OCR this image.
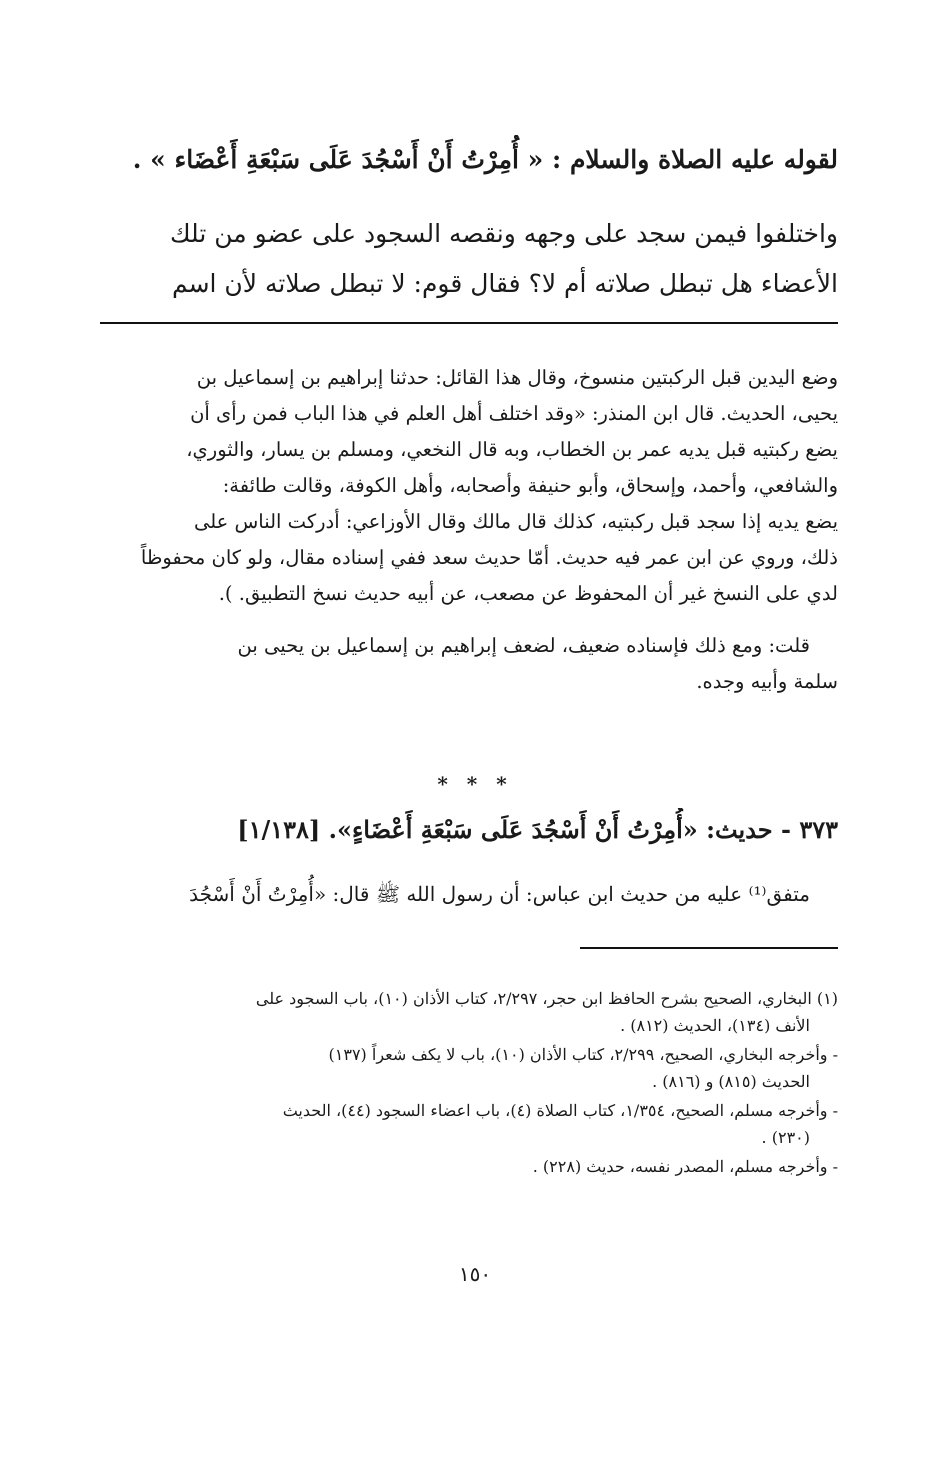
لقوله عليه الصلاة والسلام : « أُمِرْتُ أَنْ أَسْجُدَ عَلَى سَبْعَةِ أَعْضَاء » .
واختلفوا فيمن سجد على وجهه ونقصه السجود على عضو من تلك
الأعضاء هل تبطل صلاته أم لا؟ فقال قوم: لا تبطل صلاته لأن اسم
وضع اليدين قبل الركبتين منسوخ، وقال هذا القائل: حدثنا إبراهيم بن إسماعيل بن
يحيى، الحديث. قال ابن المنذر: «وقد اختلف أهل العلم في هذا الباب فمن رأى أن
يضع ركبتيه قبل يديه عمر بن الخطاب، وبه قال النخعي، ومسلم بن يسار، والثوري،
والشافعي، وأحمد، وإسحاق، وأبو حنيفة وأصحابه، وأهل الكوفة، وقالت طائفة:
يضع يديه إذا سجد قبل ركبتيه، كذلك قال مالك وقال الأوزاعي: أدركت الناس على
ذلك، وروي عن ابن عمر فيه حديث. أمّا حديث سعد ففي إسناده مقال، ولو كان محفوظاً
لدي على النسخ غير أن المحفوظ عن مصعب، عن أبيه حديث نسخ التطبيق. ).
قلت: ومع ذلك فإسناده ضعيف، لضعف إبراهيم بن إسماعيل بن يحيى بن
سلمة وأبيه وجده.
* * *
٣٧٣ - حديث: «أُمِرْتُ أَنْ أَسْجُدَ عَلَى سَبْعَةِ أَعْضَاءٍ». [١/١٣٨]
متفق⁽¹⁾ عليه من حديث ابن عباس: أن رسول الله ﷺ قال: «أُمِرْتُ أَنْ أَسْجُدَ
(١) البخاري، الصحيح بشرح الحافظ ابن حجر، ٢/٢٩٧، كتاب الأذان (١٠)، باب السجود على
الأنف (١٣٤)، الحديث (٨١٢) .
- وأخرجه البخاري، الصحيح، ٢/٢٩٩، كتاب الأذان (١٠)، باب لا يكف شعراً (١٣٧)
الحديث (٨١٥) و (٨١٦) .
- وأخرجه مسلم، الصحيح، ١/٣٥٤، كتاب الصلاة (٤)، باب اعضاء السجود (٤٤)، الحديث
(٢٣٠) .
- وأخرجه مسلم، المصدر نفسه، حديث (٢٢٨) .
١٥٠
